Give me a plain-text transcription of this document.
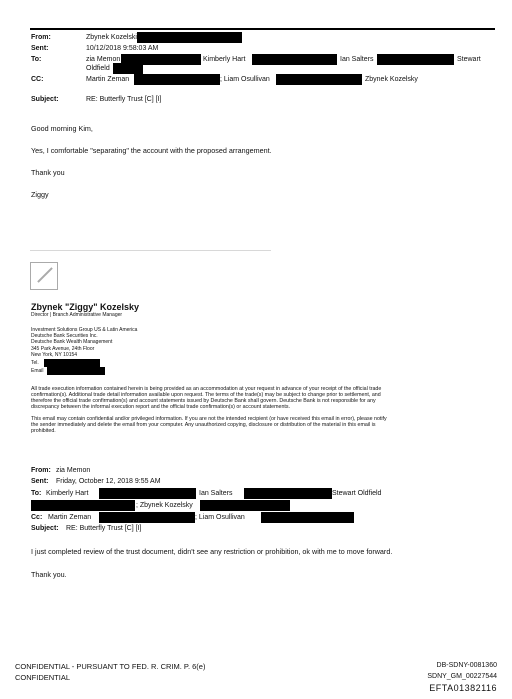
From:	Zbynek Kozelski
Sent:	10/12/2018 9:58:03 AM
To:	zia Memon	Kimberly Hart	Ian Salters	Stewart
Oldfield
CC:	Martin Zeman	; Liam Osullivan	Zbynek Kozelsky
Subject:	RE: Butterfly Trust [C] [I]
Good morning Kim,
Yes, I comfortable "separating" the account with the proposed arrangement.
Thank you
Ziggy
Zbynek "Ziggy" Kozelsky
Director | Branch Administrative Manager
Investment Solutions Group US & Latin America
Deutsche Bank Securities Inc.
Deutsche Bank Wealth Management
345 Park Avenue, 24th Floor
New York, NY 10154
Tel.
Email
All trade execution information contained herein is being provided as an accommodation at your request in advance of your receipt of the official trade
confirmation(s). Additional trade detail information available upon request. The terms of the trade(s) may be subject to change prior to settlement, and
therefore the official trade confirmation(s) and account statements issued by Deutsche Bank shall govern. Deutsche Bank is not responsible for any
discrepancy between the informal execution report and the official trade confirmation(s) or account statements.
This email may contain confidential and/or privileged information. If you are not the intended recipient (or have received this email in error), please notify
the sender immediately and delete the email from your computer. Any unauthorized copying, disclosure or distribution of the material in this email is
prohibited.
From: zia Memon
Sent: Friday, October 12, 2018 9:55 AM
To: Kimberly Hart	Ian Salters	Stewart Oldfield
; Zbynek Kozelsky
Cc: Martin Zeman	; Liam Osullivan
Subject: RE: Butterfly Trust [C] [I]
I just completed review of the trust document, didn't see any restriction or prohibition, ok with me to move forward.
Thank you.
CONFIDENTIAL - PURSUANT TO FED. R. CRIM. P. 6(e)
CONFIDENTIAL
DB-SDNY-0081360
SDNY_GM_00227544
EFTA01382116
